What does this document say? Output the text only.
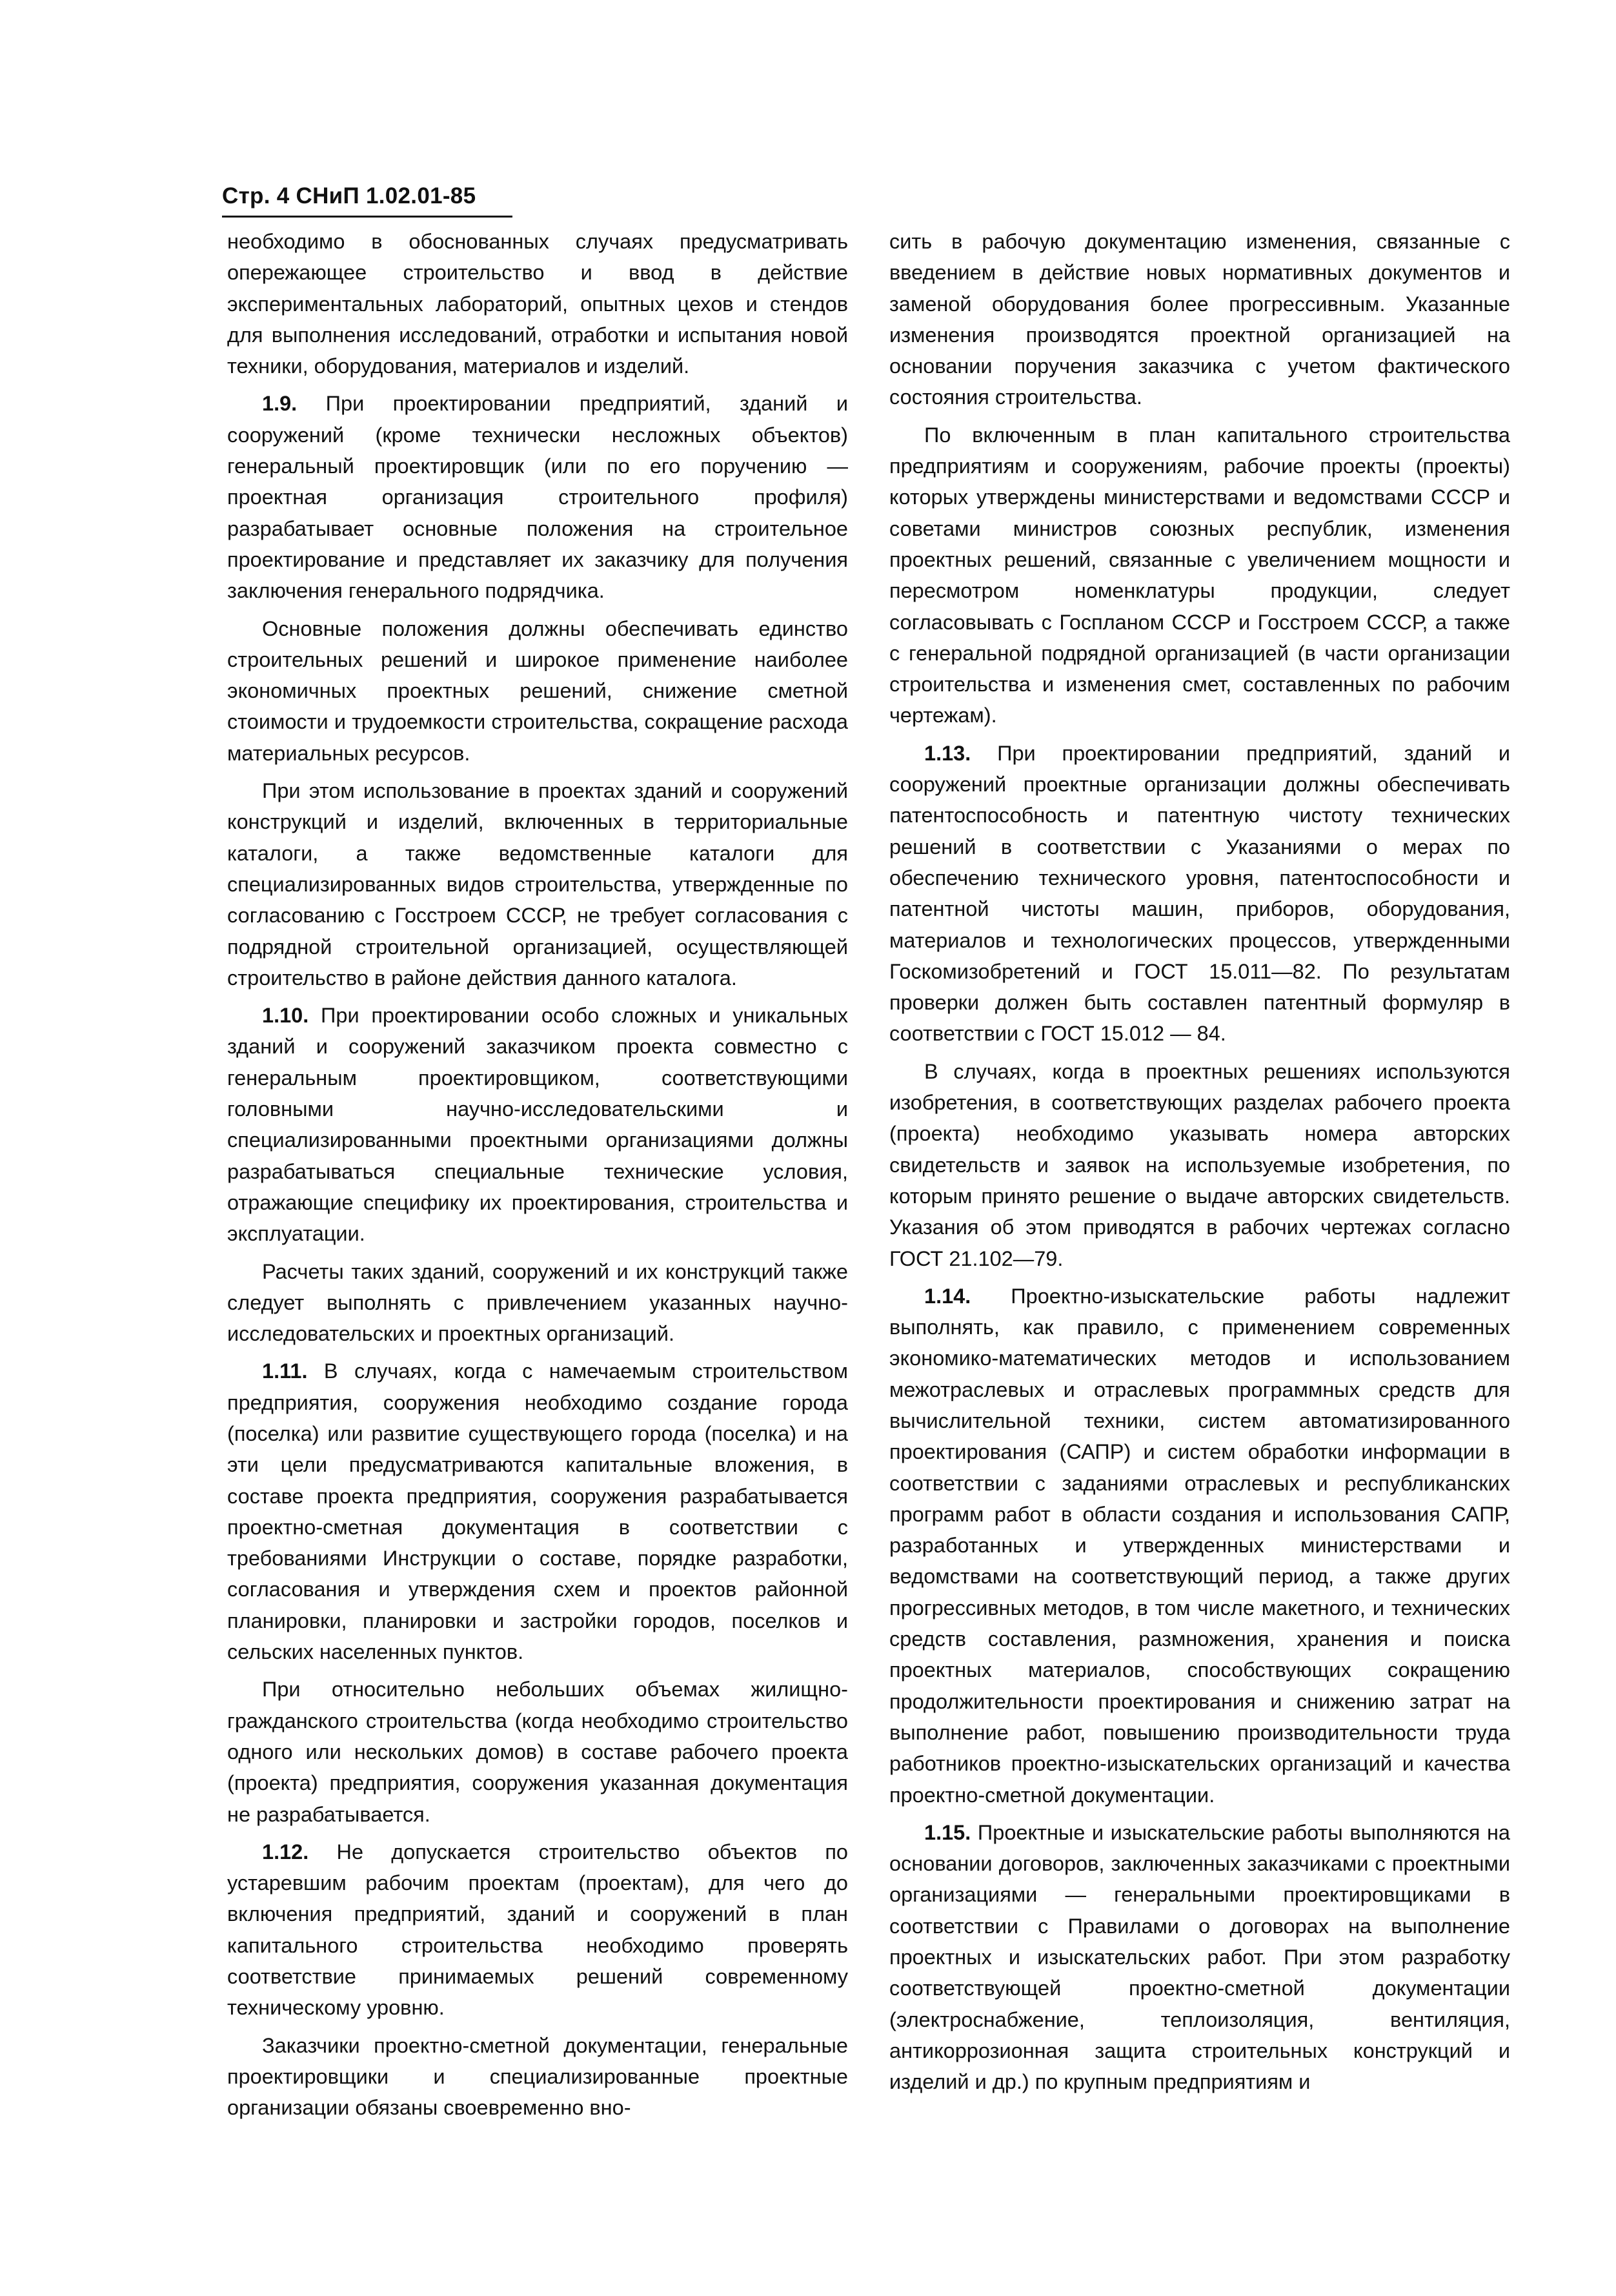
Стр. 4 СНиП 1.02.01-85

необходимо в обоснованных случаях предусматривать опережающее строительство и ввод в действие экспериментальных лабораторий, опытных цехов и стендов для выполнения исследований, отработки и испытания новой техники, оборудования, материалов и изделий.

1.9. При проектировании предприятий, зданий и сооружений (кроме технически несложных объектов) генеральный проектировщик (или по его поручению — проектная организация строительного профиля) разрабатывает основные положения на строительное проектирование и представляет их заказчику для получения заключения генерального подрядчика.

Основные положения должны обеспечивать единство строительных решений и широкое применение наиболее экономичных проектных решений, снижение сметной стоимости и трудоемкости строительства, сокращение расхода материальных ресурсов.

При этом использование в проектах зданий и сооружений конструкций и изделий, включенных в территориальные каталоги, а также ведомственные каталоги для специализированных видов строительства, утвержденные по согласованию с Госстроем СССР, не требует согласования с подрядной строительной организацией, осуществляющей строительство в районе действия данного каталога.

1.10. При проектировании особо сложных и уникальных зданий и сооружений заказчиком проекта совместно с генеральным проектировщиком, соответствующими головными научно-исследовательскими и специализированными проектными организациями должны разрабатываться специальные технические условия, отражающие специфику их проектирования, строительства и эксплуатации.

Расчеты таких зданий, сооружений и их конструкций также следует выполнять с привлечением указанных научно-исследовательских и проектных организаций.

1.11. В случаях, когда с намечаемым строительством предприятия, сооружения необходимо создание города (поселка) или развитие существующего города (поселка) и на эти цели предусматриваются капитальные вложения, в составе проекта предприятия, сооружения разрабатывается проектно-сметная документация в соответствии с требованиями Инструкции о составе, порядке разработки, согласования и утверждения схем и проектов районной планировки, планировки и застройки городов, поселков и сельских населенных пунктов.

При относительно небольших объемах жилищно-гражданского строительства (когда необходимо строительство одного или нескольких домов) в составе рабочего проекта (проекта) предприятия, сооружения указанная документация не разрабатывается.

1.12. Не допускается строительство объектов по устаревшим рабочим проектам (проектам), для чего до включения предприятий, зданий и сооружений в план капитального строительства необходимо проверять соответствие принимаемых решений современному техническому уровню.

Заказчики проектно-сметной документации, генеральные проектировщики и специализированные проектные организации обязаны своевременно вно-

сить в рабочую документацию изменения, связанные с введением в действие новых нормативных документов и заменой оборудования более прогрессивным. Указанные изменения производятся проектной организацией на основании поручения заказчика с учетом фактического состояния строительства.

По включенным в план капитального строительства предприятиям и сооружениям, рабочие проекты (проекты) которых утверждены министерствами и ведомствами СССР и советами министров союзных республик, изменения проектных решений, связанные с увеличением мощности и пересмотром номенклатуры продукции, следует согласовывать с Госпланом СССР и Госстроем СССР, а также с генеральной подрядной организацией (в части организации строительства и изменения смет, составленных по рабочим чертежам).

1.13. При проектировании предприятий, зданий и сооружений проектные организации должны обеспечивать патентоспособность и патентную чистоту технических решений в соответствии с Указаниями о мерах по обеспечению технического уровня, патентоспособности и патентной чистоты машин, приборов, оборудования, материалов и технологических процессов, утвержденными Госкомизобретений и ГОСТ 15.011—82. По результатам проверки должен быть составлен патентный формуляр в соответствии с ГОСТ 15.012 — 84.

В случаях, когда в проектных решениях используются изобретения, в соответствующих разделах рабочего проекта (проекта) необходимо указывать номера авторских свидетельств и заявок на используемые изобретения, по которым принято решение о выдаче авторских свидетельств. Указания об этом приводятся в рабочих чертежах согласно ГОСТ 21.102—79.

1.14. Проектно-изыскательские работы надлежит выполнять, как правило, с применением современных экономико-математических методов и использованием межотраслевых и отраслевых программных средств для вычислительной техники, систем автоматизированного проектирования (САПР) и систем обработки информации в соответствии с заданиями отраслевых и республиканских программ работ в области создания и использования САПР, разработанных и утвержденных министерствами и ведомствами на соответствующий период, а также других прогрессивных методов, в том числе макетного, и технических средств составления, размножения, хранения и поиска проектных материалов, способствующих сокращению продолжительности проектирования и снижению затрат на выполнение работ, повышению производительности труда работников проектно-изыскательских организаций и качества проектно-сметной документации.

1.15. Проектные и изыскательские работы выполняются на основании договоров, заключенных заказчиками с проектными организациями — генеральными проектировщиками в соответствии с Правилами о договорах на выполнение проектных и изыскательских работ. При этом разработку соответствующей проектно-сметной документации (электроснабжение, теплоизоляция, вентиляция, антикоррозионная защита строительных конструкций и изделий и др.) по крупным предприятиям и
